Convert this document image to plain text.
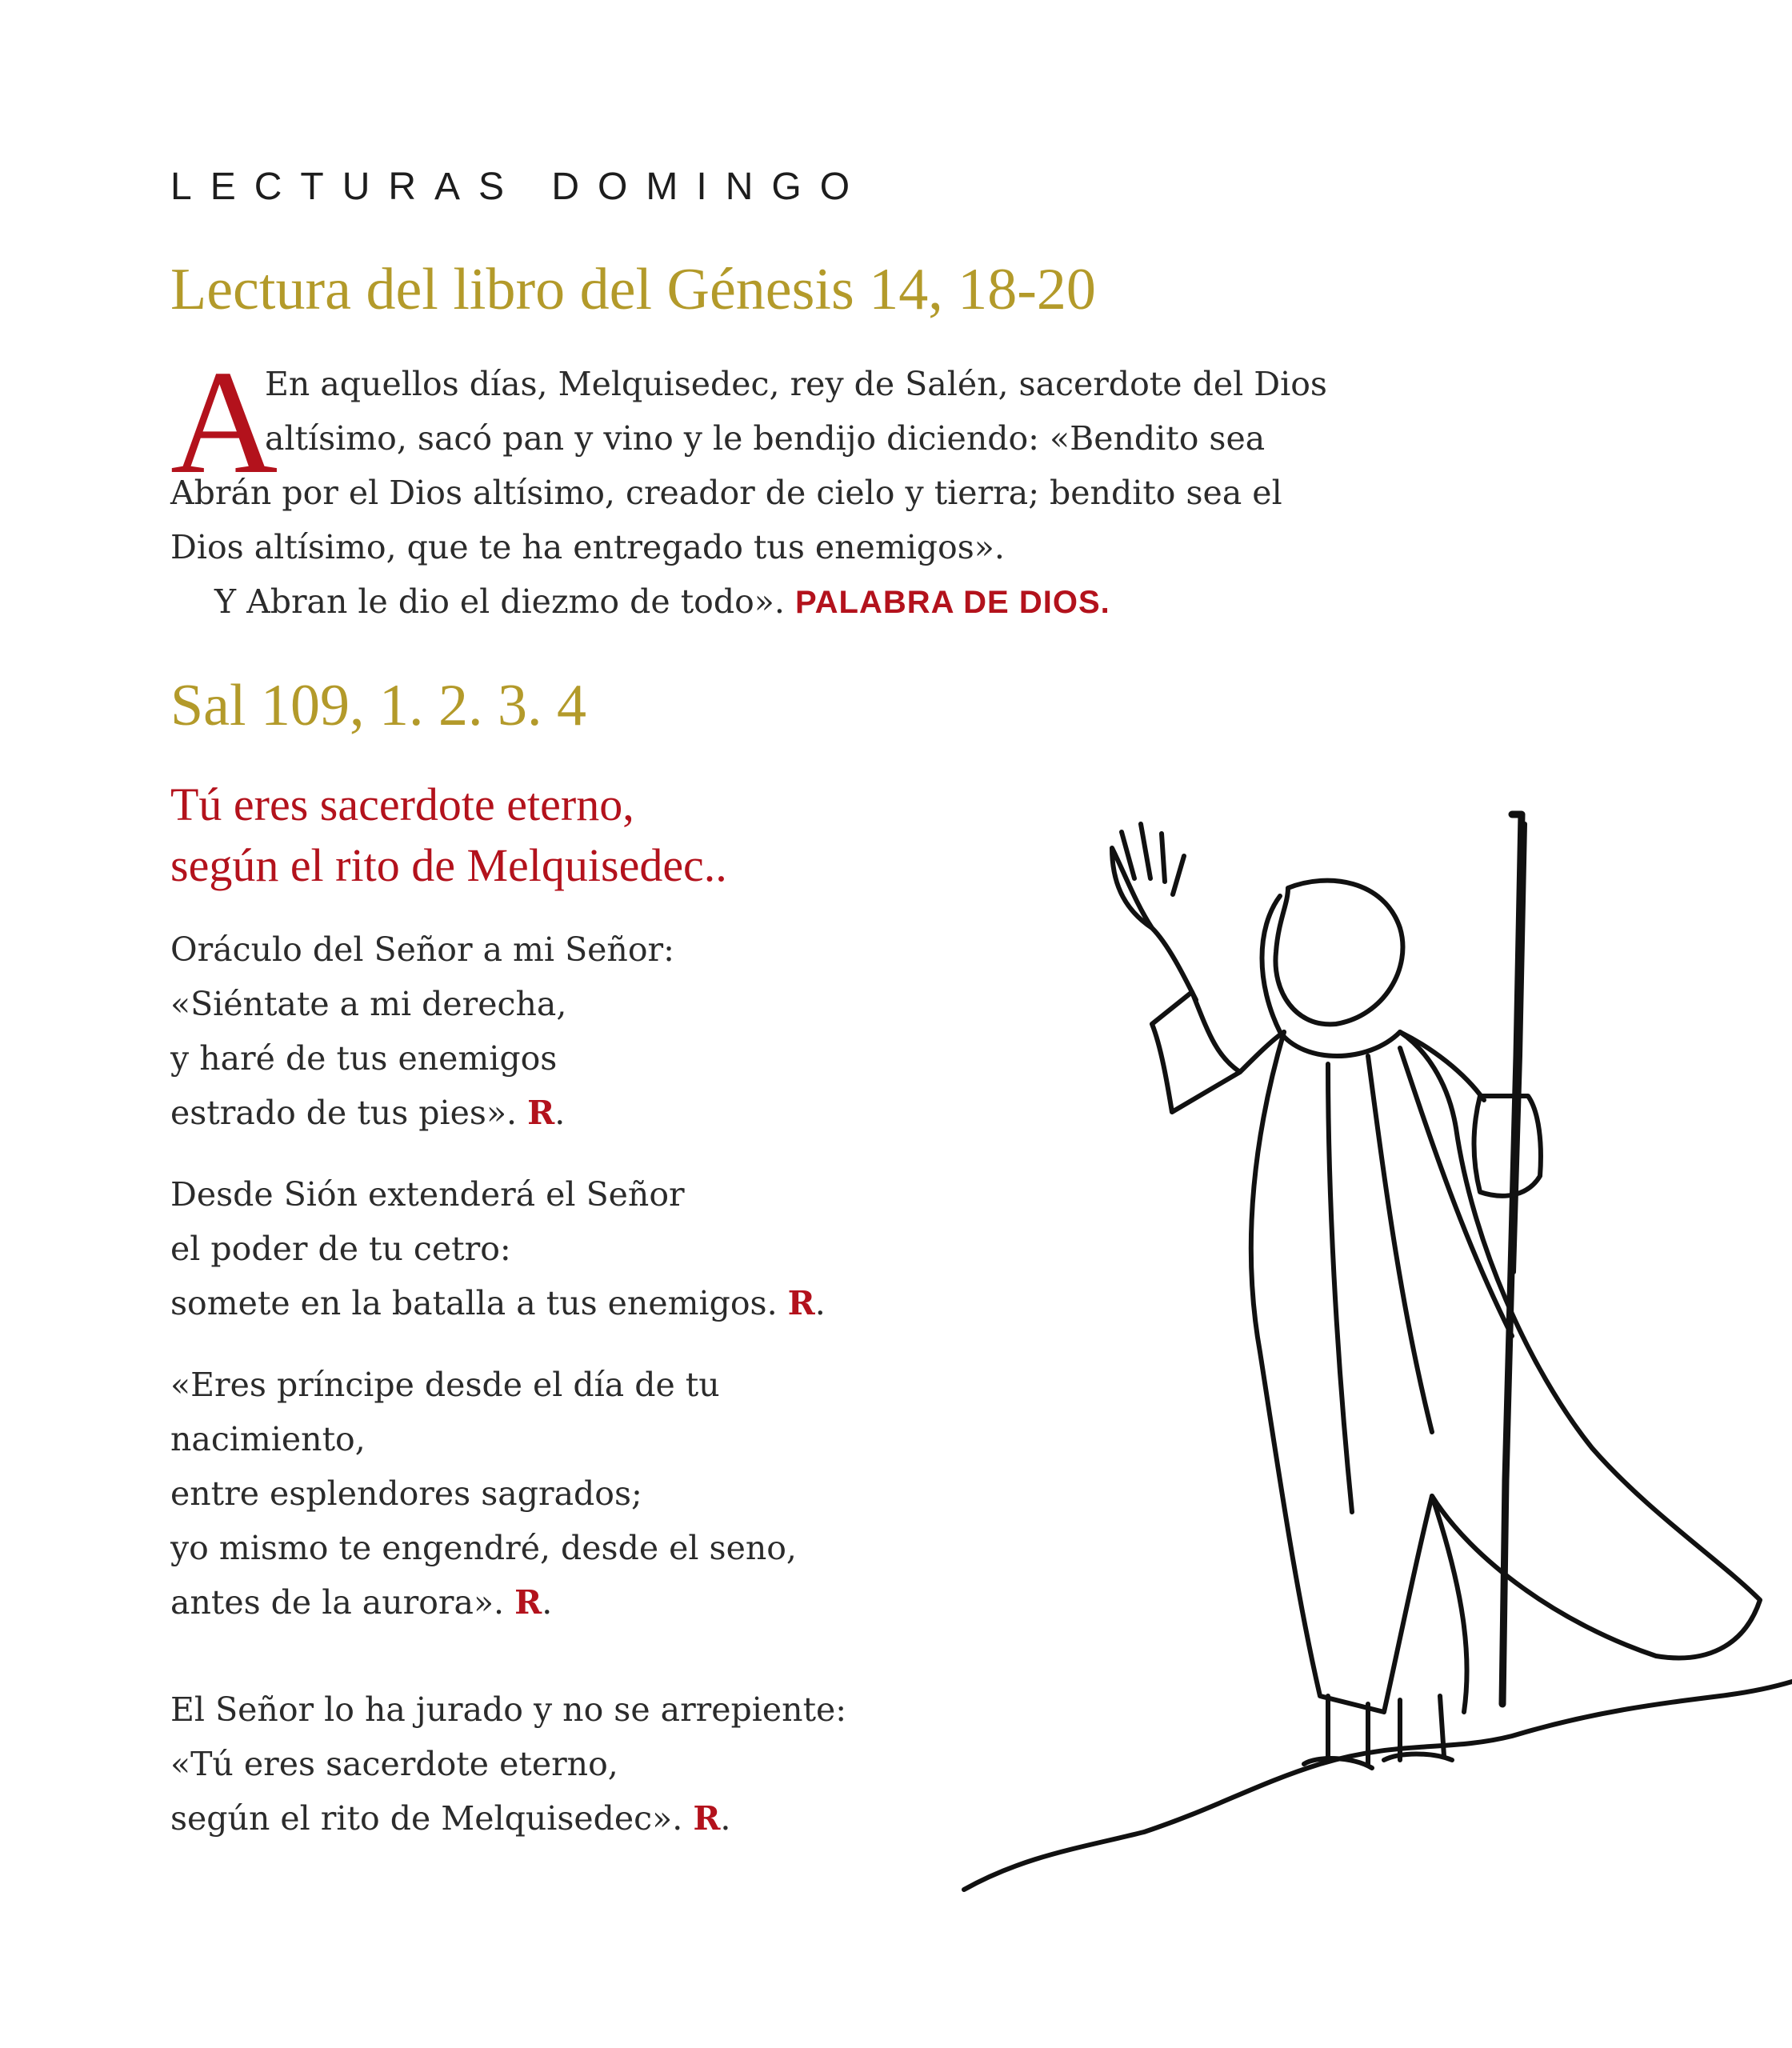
LECTURAS DOMINGO
Lectura del libro del Génesis 14, 18-20
A
En aquellos días, Melquisedec, rey de Salén, sacerdote del Dios
altísimo, sacó pan y vino y le bendijo diciendo: «Bendito sea
Abrán por el Dios altísimo, creador de cielo y tierra; bendito sea el
Dios altísimo, que te ha entregado tus enemigos».
Y Abran le dio el diezmo de todo». PALABRA DE DIOS.
Sal 109, 1. 2. 3. 4
Tú eres sacerdote eterno,
según el rito de Melquisedec..
Oráculo del Señor a mi Señor:
«Siéntate a mi derecha,
y haré de tus enemigos
estrado de tus pies». R.
Desde Sión extenderá el Señor
el poder de tu cetro:
somete en la batalla a tus enemigos. R.
«Eres príncipe desde el día de tu
nacimiento,
entre esplendores sagrados;
yo mismo te engendré, desde el seno,
antes de la aurora». R.
El Señor lo ha jurado y no se arrepiente:
«Tú eres sacerdote eterno,
según el rito de Melquisedec». R.
